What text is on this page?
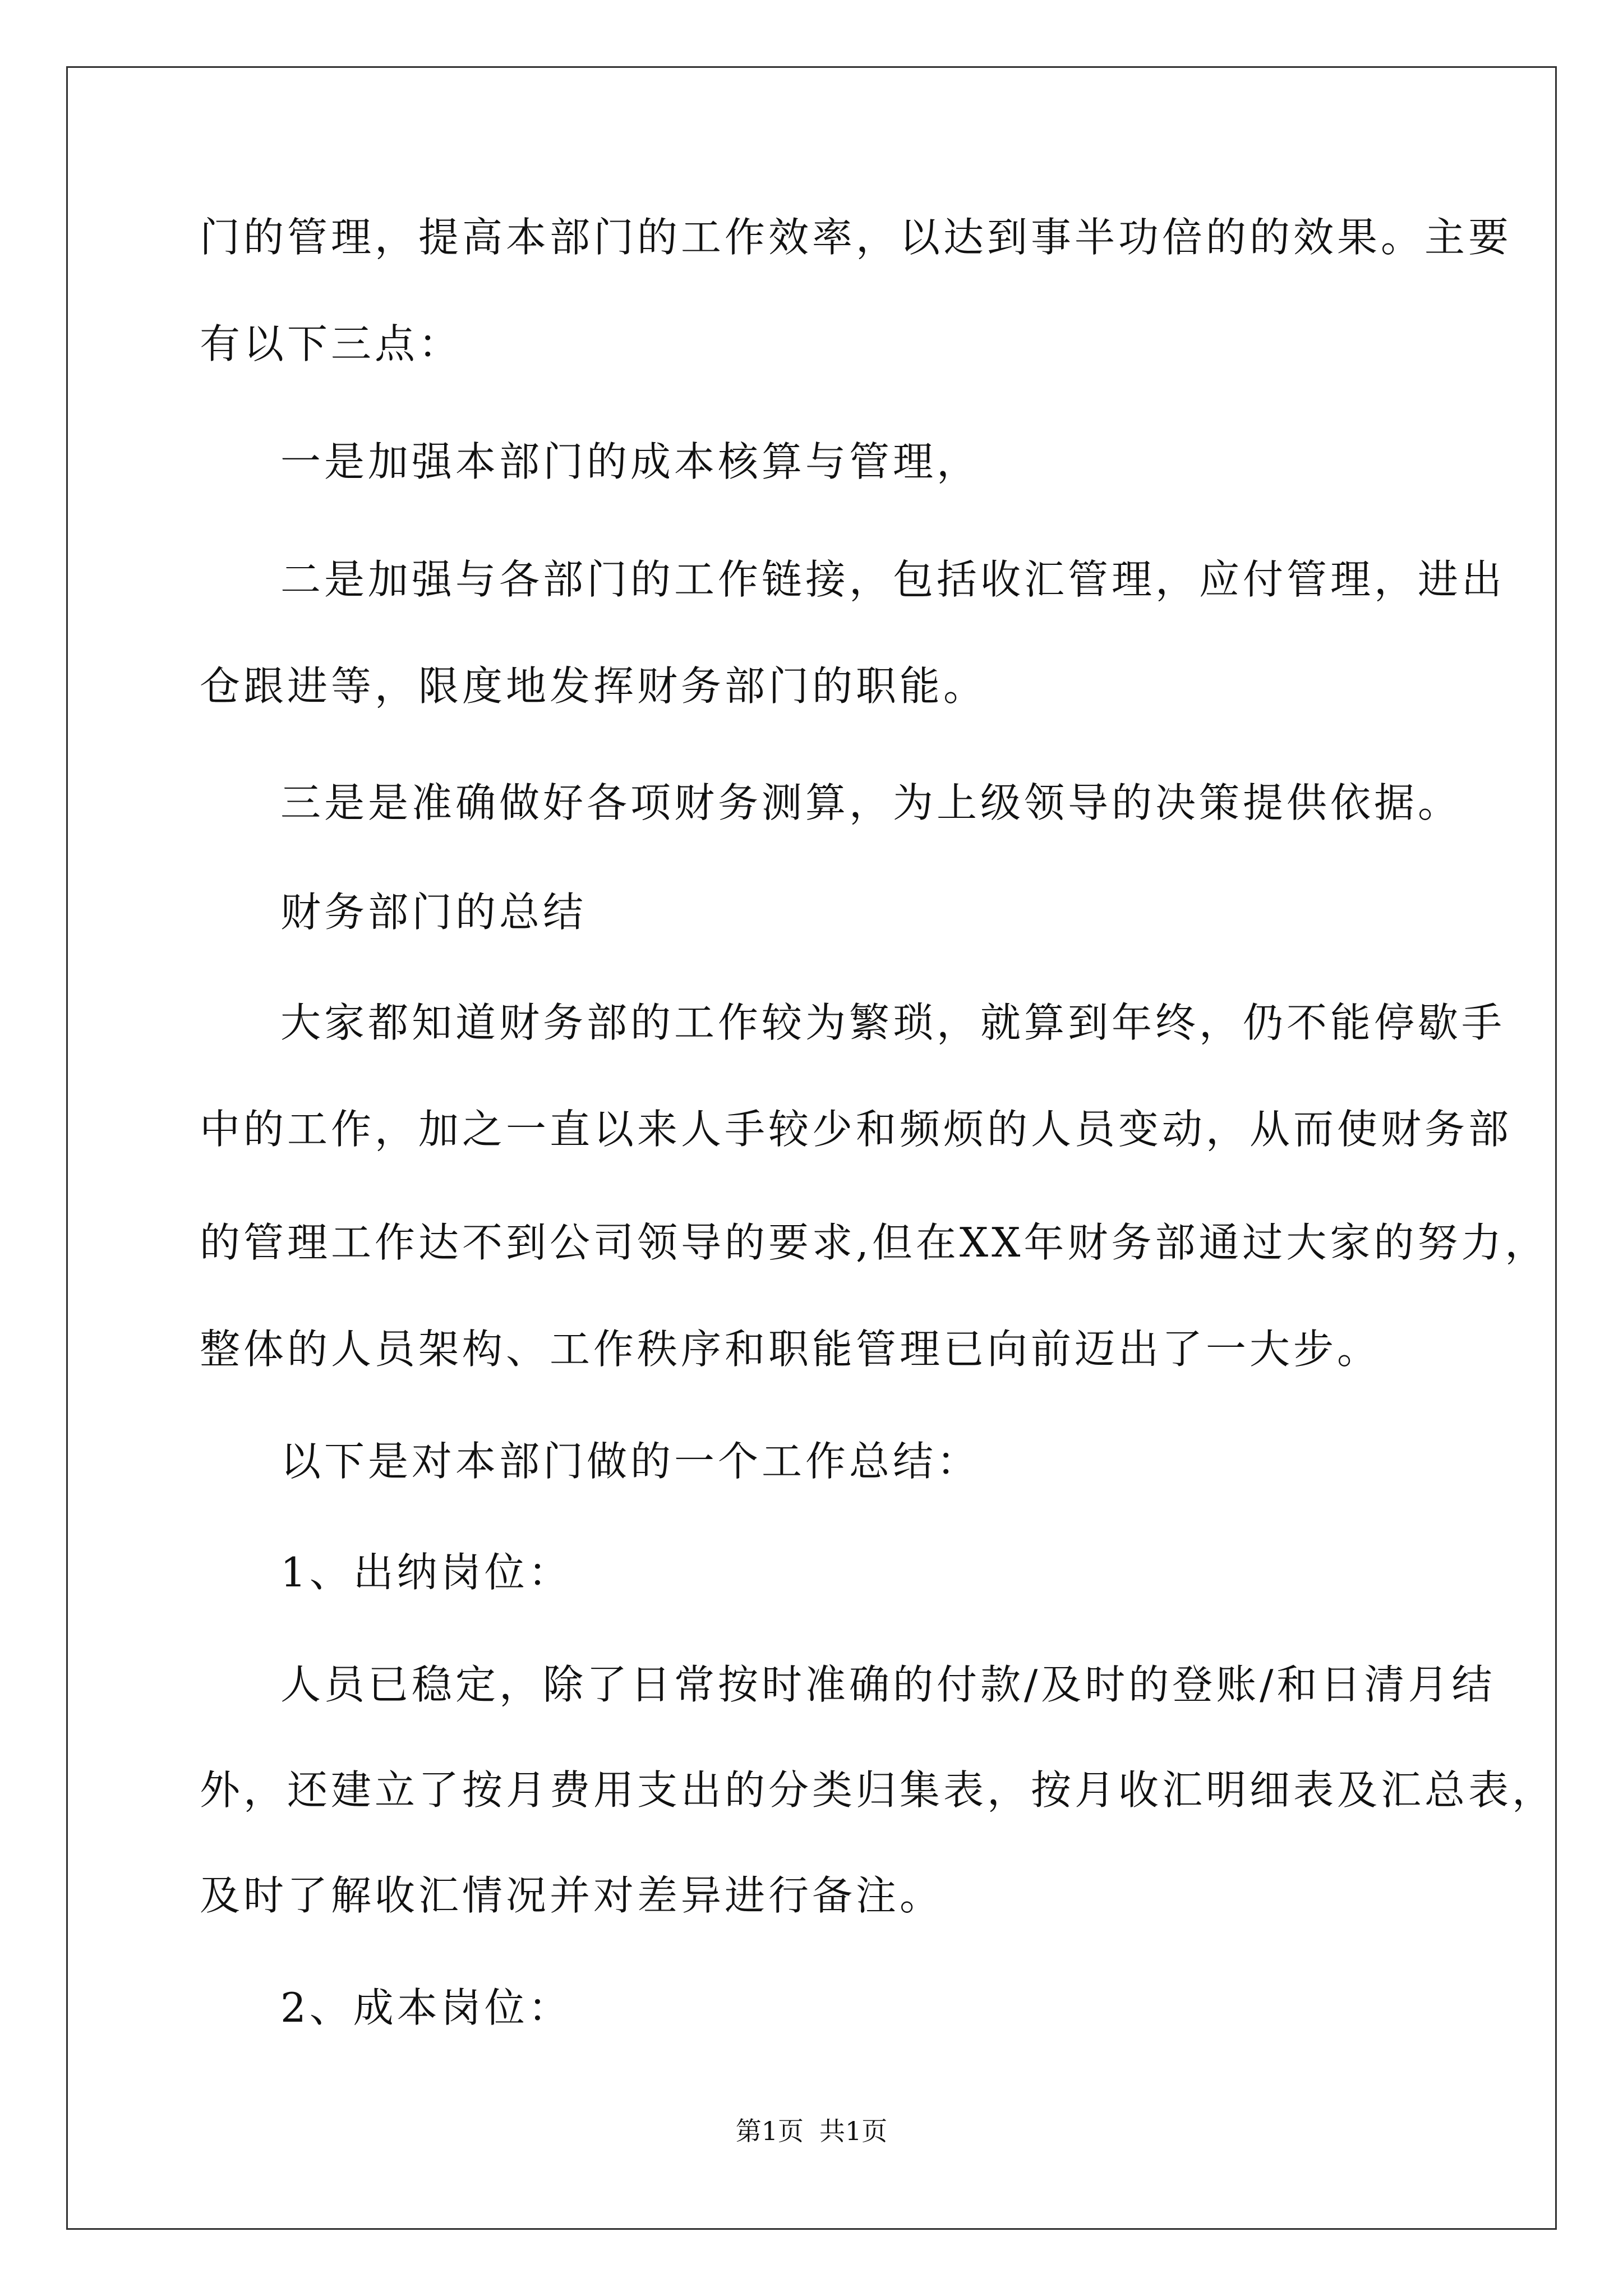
门的管理，提高本部门的工作效率，以达到事半功倍的的效果。主要
有以下三点：
一是加强本部门的成本核算与管理，
二是加强与各部门的工作链接，包括收汇管理，应付管理，进出
仓跟进等，限度地发挥财务部门的职能。
三是是准确做好各项财务测算，为上级领导的决策提供依据。
财务部门的总结
大家都知道财务部的工作较为繁琐，就算到年终，仍不能停歇手
中的工作，加之一直以来人手较少和频烦的人员变动，从而使财务部
的管理工作达不到公司领导的要求,但在XX年财务部通过大家的努力，
整体的人员架构、工作秩序和职能管理已向前迈出了一大步。
以下是对本部门做的一个工作总结：
1、出纳岗位：
人员已稳定，除了日常按时准确的付款/及时的登账/和日清月结
外，还建立了按月费用支出的分类归集表，按月收汇明细表及汇总表，
及时了解收汇情况并对差异进行备注。
2、成本岗位：
第1页 共1页
